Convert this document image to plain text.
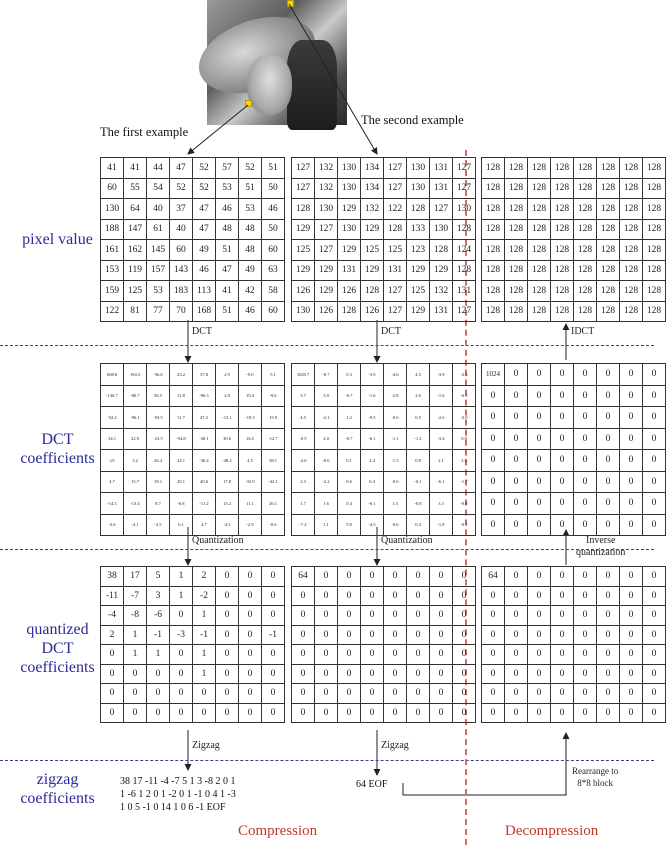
The first example
The second example
pixel value
DCT
coefficients
quantized
DCT
coefficients
zigzag
coefficients
41	41	44	47	52	57	52	51
60	55	54	52	52	53	51	50
130	64	40	37	47	46	53	46
188	147	61	40	47	48	48	50
161	162	145	60	49	51	48	60
153	119	157	143	46	47	49	63
159	125	53	183	113	41	42	58
122	81	77	70	168	51	46	60
127	132	130	134	127	130	131	127
127	132	130	134	127	130	131	127
128	130	129	132	122	128	127	130
129	127	130	129	128	133	130	128
125	127	129	125	125	123	128	124
129	129	131	129	131	129	129	128
126	129	126	128	127	125	132	131
130	126	128	126	127	129	131	127
128	128	128	128	128	128	128	128
128	128	128	128	128	128	128	128
128	128	128	128	128	128	128	128
128	128	128	128	128	128	128	128
128	128	128	128	128	128	128	128
128	128	128	128	128	128	128	128
128	128	128	128	128	128	128	128
128	128	128	128	128	128	128	128
608.6	194.3	-56.6	23.2	37.8	2.9	-9.0	5.1
-136.7	-80.7	56.5	11.8	-96.3	2.0	19.4	-9.6
-52.2	-96.1	-93.5	11.7	47.2	-15.1	-19.3	15.9
34.1	22.9	-23.5	-54.8	-30.1	30.6	16.5	-12.7
-21	3.2	26.4	24.1	-36.4	-48.2	4.5	38.1
4.7	15.7	18.1	29.1	40.6	17.8	-33.9	-42.1
-14.5	-13.4	8.7	-6.8	-11.2	15.2	11.1	26.1
-3.6	-4.1	-3.5	6.1	4.7	-4.5	-2.9	-0.6
1029.7	-0.7	0.3	-3.9	-4.6	4.5	-3.9	-2.6
3.7	3.9	-0.7	-1.6	-2.8	2.6	-1.6	-6.3
4.5	-2.1	1.2	-9.5	-0.6	0.5	-2.6	-2.0
-0.5	2.0	-0.7	-6.1	-1.1	-1.2	-3.4	0.9
-2.6	-0.6	0.1	2.4	-1.3	0.8	2.1	2.8
2.3	-2.2	0.6	0.4	-0.6	-0.1	-6.1	-1.7
1.7	1.6	0.4	-0.1	1.3	-0.8	3.3	-0.9
-7.2	1.1	5.0	-4.5	-0.6	0.4	-1.8	-0.7
1024	0	0	0	0	0	0	0
0	0	0	0	0	0	0	0
0	0	0	0	0	0	0	0
0	0	0	0	0	0	0	0
0	0	0	0	0	0	0	0
0	0	0	0	0	0	0	0
0	0	0	0	0	0	0	0
0	0	0	0	0	0	0	0
38	17	5	1	2	0	0	0
-11	-7	3	1	-2	0	0	0
-4	-8	-6	0	1	0	0	0
2	1	-1	-3	-1	0	0	-1
0	1	1	0	1	0	0	0
0	0	0	0	1	0	0	0
0	0	0	0	0	0	0	0
0	0	0	0	0	0	0	0
64	0	0	0	0	0	0	0
0	0	0	0	0	0	0	0
0	0	0	0	0	0	0	0
0	0	0	0	0	0	0	0
0	0	0	0	0	0	0	0
0	0	0	0	0	0	0	0
0	0	0	0	0	0	0	0
0	0	0	0	0	0	0	0
64	0	0	0	0	0	0	0
0	0	0	0	0	0	0	0
0	0	0	0	0	0	0	0
0	0	0	0	0	0	0	0
0	0	0	0	0	0	0	0
0	0	0	0	0	0	0	0
0	0	0	0	0	0	0	0
0	0	0	0	0	0	0	0
DCT	DCT	IDCT
Quantization	Quantization	Inverse
quantization
Zigzag	Zigzag
Rearrange to
8*8 block
38 17 -11 -4 -7 5 1 3 -8 2 0 1
1 -6 1 2 0 1 -2 0 1 -1 0 4 1 -3
1 0 5 -1 0 14 1 0 6 -1 EOF
64 EOF
Compression	Decompression
